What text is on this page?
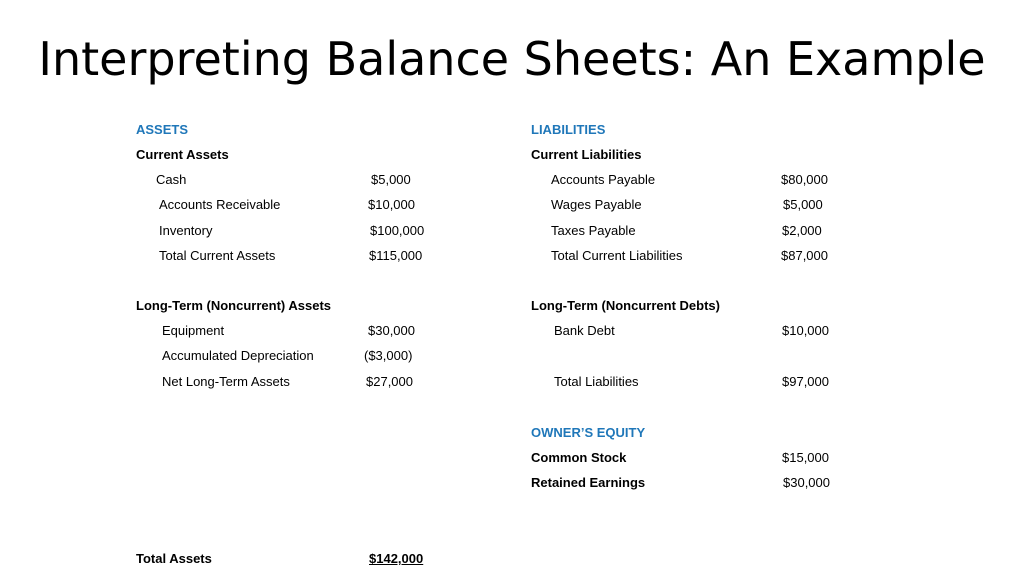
ASSETS
Current Assets
Cash	$5,000
Accounts Receivable	$10,000
Inventory	$100,000
Total Current Assets	$115,000
Long-Term (Noncurrent) Assets
Equipment	$30,000
Accumulated Depreciation	($3,000)
Net Long-Term Assets	$27,000
Total Assets	$142,000
LIABILITIES
Current Liabilities
Accounts Payable	$80,000
Wages Payable	$5,000
Taxes Payable	$2,000
Total Current Liabilities	$87,000
Long-Term (Noncurrent Debts)
Bank Debt	$10,000
Total Liabilities	$97,000
OWNER’S EQUITY
Common Stock	$15,000
Retained Earnings	$30,000
Interpreting Balance Sheets: An Example
